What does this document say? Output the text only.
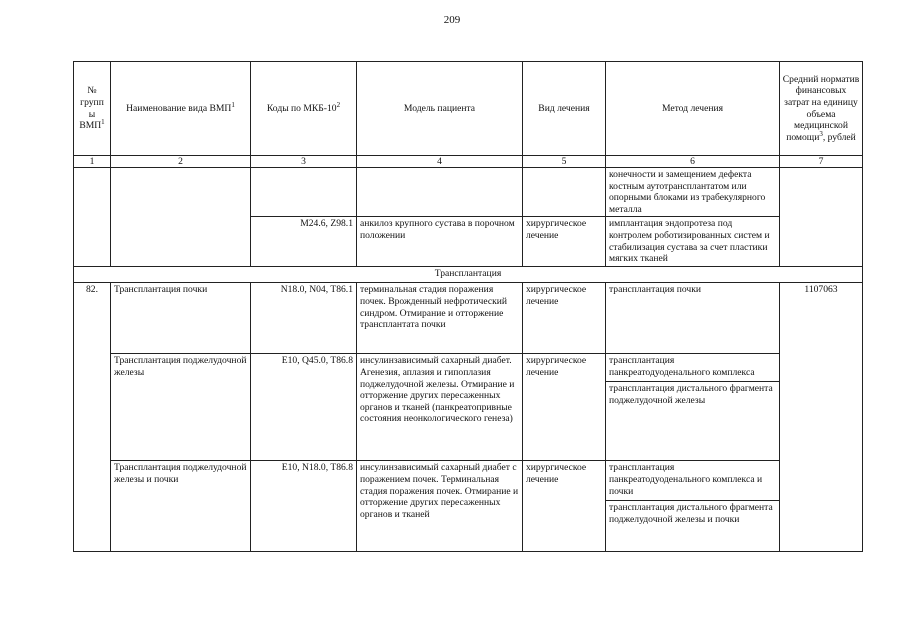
209
№ групп ы ВМП$^1$	Наименование вида ВМП$^1$	Коды по МКБ-$10^2$	Модель пациента	Вид лечения	Метод лечения	Средний норматив финансовых затрат на единицу объема медицинской помощи$^3$, рублей
1	2	3	4	5	6	7
					конечности и замещением дефекта костным аутотрансплантатом или опорными блоками из трабекулярного металла	
		M24.6, Z98.1	анкилоз крупного сустава в порочном положении	хирургическое лечение	имплантация эндопротеза под контролем роботизированных систем и стабилизация сустава за счет пластики мягких тканей	
Трансплантация						
82.	Трансплантация почки	N18.0, N04, T86.1	терминальная стадия поражения почек. Врожденный нефротический синдром. Отмирание и отторжение трансплантата почки	хирургическое лечение	трансплантация почки	1107063
	Трансплантация поджелудочной железы	E10, Q45.0, T86.8	инсулинзависимый сахарный диабет. Агенезия, аплазия и гипоплазия поджелудочной железы. Отмирание и отторжение других пересаженных органов и тканей (панкреатопривные состояния неонкологического генеза)	хирургическое лечение	трансплантация панкреатодуоденального комплекса
трансплантация дистального фрагмента поджелудочной железы	

	Трансплантация поджелудочной железы и почки	E10, N18.0, T86.8	инсулинзависимый сахарный диабет с поражением почек. Терминальная стадия поражения почек. Отмирание и отторжение других пересаженных органов и тканей	хирургическое лечение	трансплантация панкреатодуоденального комплекса и почки
трансплантация дистального фрагмента поджелудочной железы и почки	
